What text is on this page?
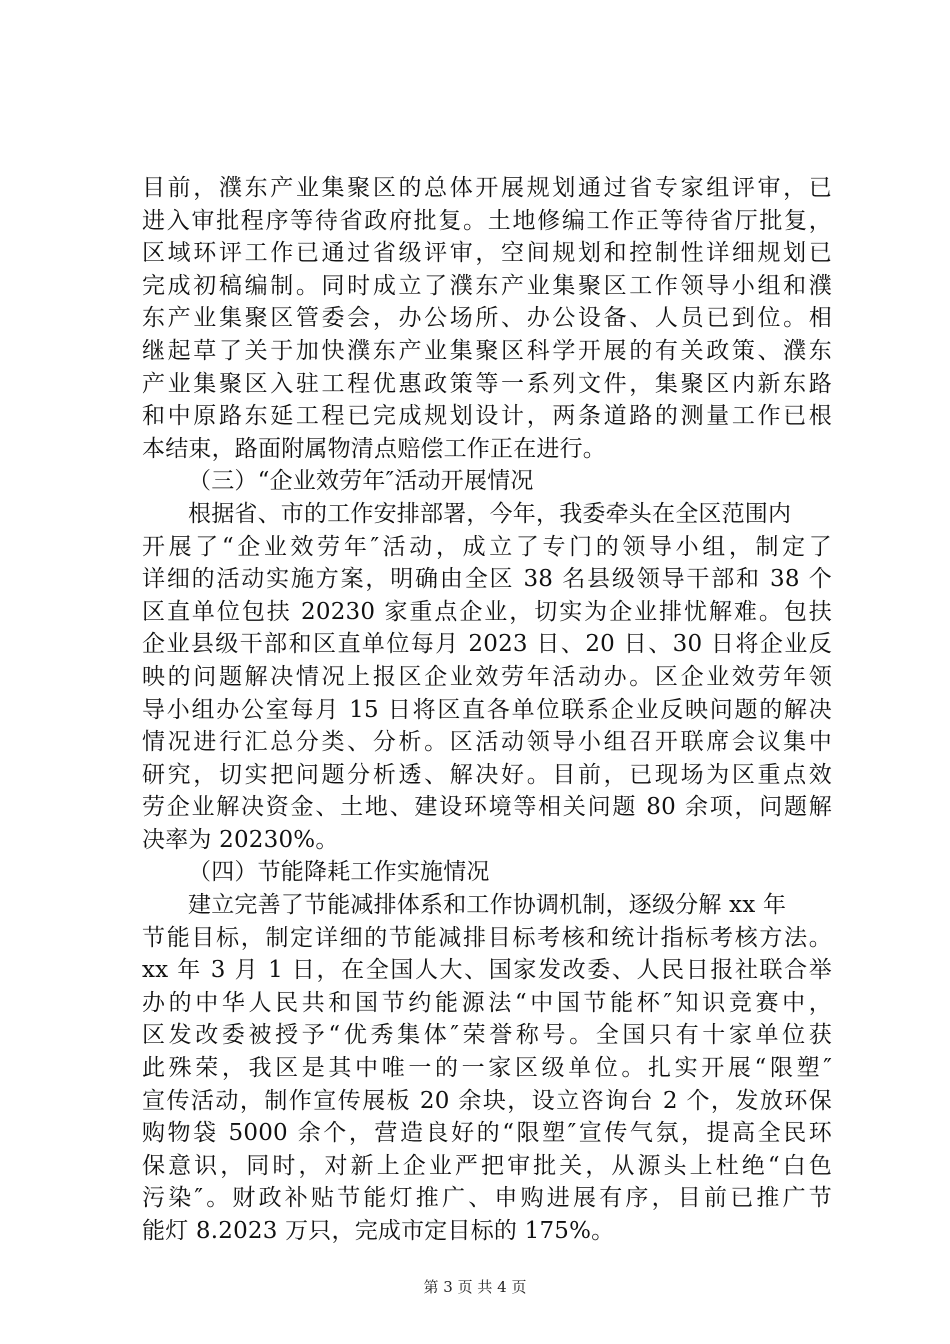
目前，濮东产业集聚区的总体开展规划通过省专家组评审，已
进入审批程序等待省政府批复。土地修编工作正等待省厅批复，
区域环评工作已通过省级评审，空间规划和控制性详细规划已
完成初稿编制。同时成立了濮东产业集聚区工作领导小组和濮
东产业集聚区管委会，办公场所、办公设备、人员已到位。相
继起草了关于加快濮东产业集聚区科学开展的有关政策、濮东
产业集聚区入驻工程优惠政策等一系列文件，集聚区内新东路
和中原路东延工程已完成规划设计，两条道路的测量工作已根
本结束，路面附属物清点赔偿工作正在进行。
（三）“企业效劳年″活动开展情况
根据省、市的工作安排部署，今年，我委牵头在全区范围内
开展了“企业效劳年″活动，成立了专门的领导小组，制定了
详细的活动实施方案，明确由全区 38 名县级领导干部和 38 个
区直单位包扶 20230 家重点企业，切实为企业排忧解难。包扶
企业县级干部和区直单位每月 2023 日、20 日、30 日将企业反
映的问题解决情况上报区企业效劳年活动办。区企业效劳年领
导小组办公室每月 15 日将区直各单位联系企业反映问题的解决
情况进行汇总分类、分析。区活动领导小组召开联席会议集中
研究，切实把问题分析透、解决好。目前，已现场为区重点效
劳企业解决资金、土地、建设环境等相关问题 80 余项，问题解
决率为 20230%。
（四）节能降耗工作实施情况
建立完善了节能减排体系和工作协调机制，逐级分解 xx 年
节能目标，制定详细的节能减排目标考核和统计指标考核方法。
xx 年 3 月 1 日，在全国人大、国家发改委、人民日报社联合举
办的中华人民共和国节约能源法“中国节能杯″知识竞赛中，
区发改委被授予“优秀集体″荣誉称号。全国只有十家单位获
此殊荣，我区是其中唯一的一家区级单位。扎实开展“限塑″
宣传活动，制作宣传展板 20 余块，设立咨询台 2 个，发放环保
购物袋 5000 余个，营造良好的“限塑″宣传气氛，提高全民环
保意识，同时，对新上企业严把审批关，从源头上杜绝“白色
污染″。财政补贴节能灯推广、申购进展有序，目前已推广节
能灯 8.2023 万只，完成市定目标的 175%。
第 3 页 共 4 页
